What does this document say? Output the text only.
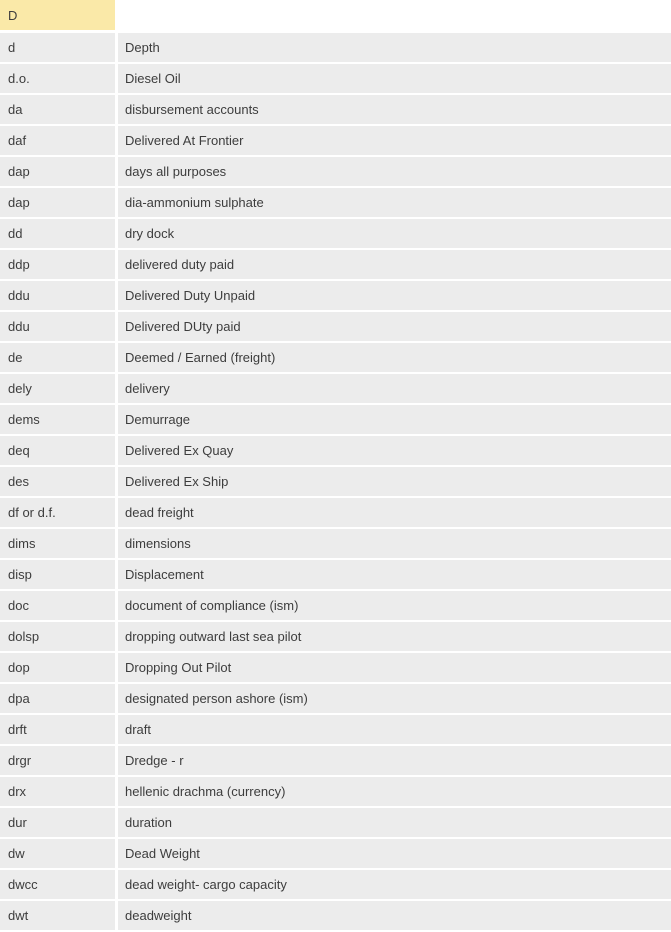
D
d	Depth
d.o.	Diesel Oil
da	disbursement accounts
daf	Delivered At Frontier
dap	days all purposes
dap	dia-ammonium sulphate
dd	dry dock
ddp	delivered duty paid
ddu	Delivered Duty Unpaid
ddu	Delivered DUty paid
de	Deemed / Earned (freight)
dely	delivery
dems	Demurrage
deq	Delivered Ex Quay
des	Delivered Ex Ship
df or d.f.	dead freight
dims	dimensions
disp	Displacement
doc	document of compliance (ism)
dolsp	dropping outward last sea pilot
dop	Dropping Out Pilot
dpa	designated person ashore (ism)
drft	draft
drgr	Dredge - r
drx	hellenic drachma (currency)
dur	duration
dw	Dead Weight
dwcc	dead weight- cargo capacity
dwt	deadweight
